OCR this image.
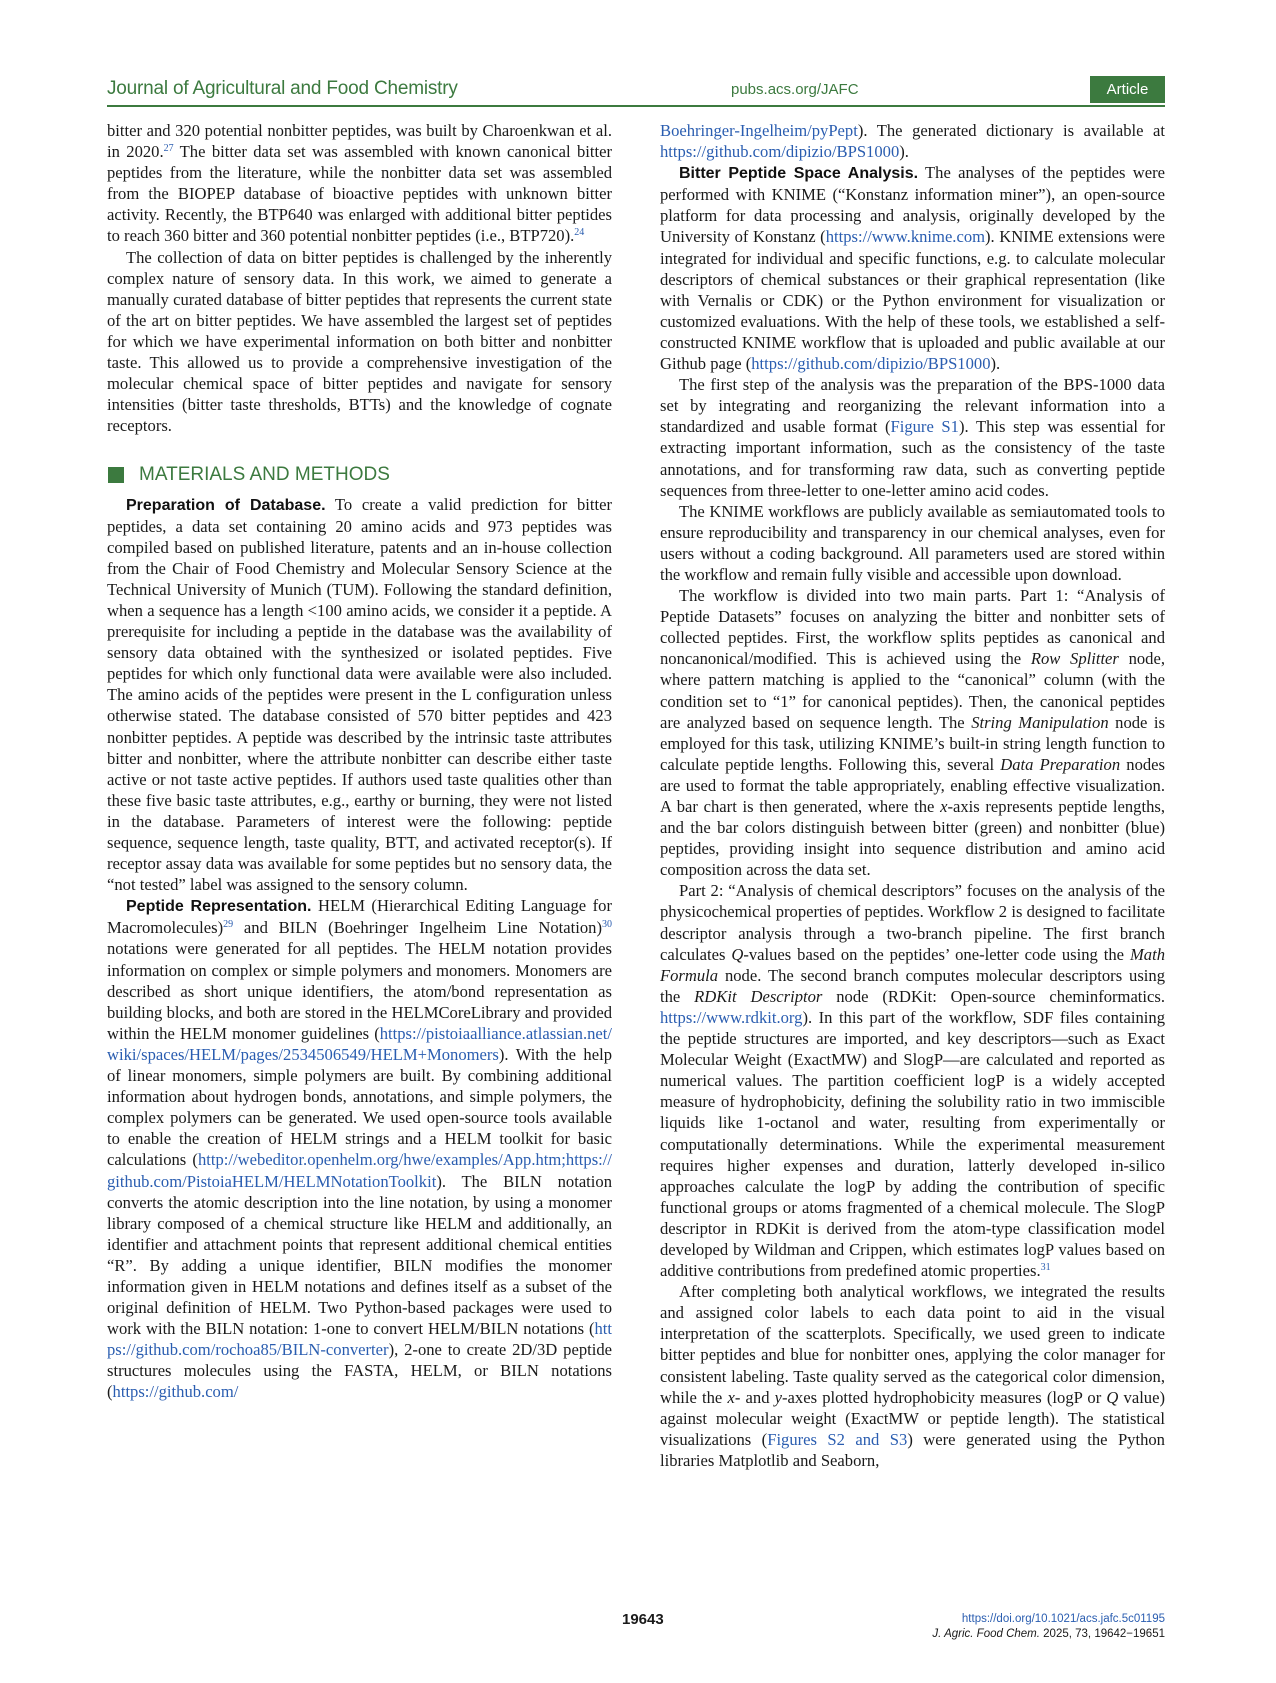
Journal of Agricultural and Food Chemistry	pubs.acs.org/JAFC	Article

bitter and 320 potential nonbitter peptides, was built by Charoenkwan et al. in 2020.27 The bitter data set was assembled with known canonical bitter peptides from the literature, while the nonbitter data set was assembled from the BIOPEP database of bioactive peptides with unknown bitter activity. Recently, the BTP640 was enlarged with additional bitter peptides to reach 360 bitter and 360 potential nonbitter peptides (i.e., BTP720).$^{24}$

The collection of data on bitter peptides is challenged by the inherently complex nature of sensory data. In this work, we aimed to generate a manually curated database of bitter peptides that represents the current state of the art on bitter peptides. We have assembled the largest set of peptides for which we have experimental information on both bitter and nonbitter taste. This allowed us to provide a comprehensive investigation of the molecular chemical space of bitter peptides and navigate for sensory intensities (bitter taste thresholds, BTTs) and the knowledge of cognate receptors.

MATERIALS AND METHODS

Preparation of Database. To create a valid prediction for bitter peptides, a data set containing 20 amino acids and 973 peptides was compiled based on published literature, patents and an in-house collection from the Chair of Food Chemistry and Molecular Sensory Science at the Technical University of Munich (TUM). Following the standard definition, when a sequence has a length <100 amino acids, we consider it a peptide. A prerequisite for including a peptide in the database was the availability of sensory data obtained with the synthesized or isolated peptides. Five peptides for which only functional data were available were also included. The amino acids of the peptides were present in the L configuration unless otherwise stated. The database consisted of 570 bitter peptides and 423 nonbitter peptides. A peptide was described by the intrinsic taste attributes bitter and nonbitter, where the attribute nonbitter can describe either taste active or not taste active peptides. If authors used taste qualities other than these five basic taste attributes, e.g., earthy or burning, they were not listed in the database. Parameters of interest were the following: peptide sequence, sequence length, taste quality, BTT, and activated receptor(s). If receptor assay data was available for some peptides but no sensory data, the “not tested” label was assigned to the sensory column.

Peptide Representation. HELM (Hierarchical Editing Language for Macromolecules)$^{29}$ and BILN (Boehringer Ingelheim Line Notation)$^{30}$ notations were generated for all peptides. The HELM notation provides information on complex or simple polymers and monomers. Monomers are described as short unique identifiers, the atom/bond representation as building blocks, and both are stored in the HELMCoreLibrary and provided within the HELM monomer guidelines (https://pistoiaalliance.atlassian.net/wiki/spaces/HELM/pages/2534506549/HELM+Monomers). With the help of linear monomers, simple polymers are built. By combining additional information about hydrogen bonds, annotations, and simple polymers, the complex polymers can be generated. We used open-source tools available to enable the creation of HELM strings and a HELM toolkit for basic calculations (http://webeditor.openhelm.org/hwe/examples/App.htm;https://github.com/PistoiaHELM/HELMNotationToolkit). The BILN notation converts the atomic description into the line notation, by using a monomer library composed of a chemical structure like HELM and additionally, an identifier and attachment points that represent additional chemical entities “R”. By adding a unique identifier, BILN modifies the monomer information given in HELM notations and defines itself as a subset of the original definition of HELM. Two Python-based packages were used to work with the BILN notation: 1-one to convert HELM/BILN notations (https://github.com/rochoa85/BILN-converter), 2-one to create 2D/3D peptide structures molecules using the FASTA, HELM, or BILN notations (https://github.com/

Boehringer-Ingelheim/pyPept). The generated dictionary is available at https://github.com/dipizio/BPS1000).

Bitter Peptide Space Analysis. The analyses of the peptides were performed with KNIME (“Konstanz information miner”), an open-source platform for data processing and analysis, originally developed by the University of Konstanz (https://www.knime.com). KNIME extensions were integrated for individual and specific functions, e.g. to calculate molecular descriptors of chemical substances or their graphical representation (like with Vernalis or CDK) or the Python environment for visualization or customized evaluations. With the help of these tools, we established a self-constructed KNIME workflow that is uploaded and public available at our Github page (https://github.com/dipizio/BPS1000).

The first step of the analysis was the preparation of the BPS-1000 data set by integrating and reorganizing the relevant information into a standardized and usable format (Figure S1). This step was essential for extracting important information, such as the consistency of the taste annotations, and for transforming raw data, such as converting peptide sequences from three-letter to one-letter amino acid codes.

The KNIME workflows are publicly available as semiautomated tools to ensure reproducibility and transparency in our chemical analyses, even for users without a coding background. All parameters used are stored within the workflow and remain fully visible and accessible upon download.

The workflow is divided into two main parts. Part 1: “Analysis of Peptide Datasets” focuses on analyzing the bitter and nonbitter sets of collected peptides. First, the workflow splits peptides as canonical and noncanonical/modified. This is achieved using the Row Splitter node, where pattern matching is applied to the “canonical” column (with the condition set to “1” for canonical peptides). Then, the canonical peptides are analyzed based on sequence length. The String Manipulation node is employed for this task, utilizing KNIME’s built-in string length function to calculate peptide lengths. Following this, several Data Preparation nodes are used to format the table appropriately, enabling effective visualization. A bar chart is then generated, where the x-axis represents peptide lengths, and the bar colors distinguish between bitter (green) and nonbitter (blue) peptides, providing insight into sequence distribution and amino acid composition across the data set.

Part 2: “Analysis of chemical descriptors” focuses on the analysis of the physicochemical properties of peptides. Workflow 2 is designed to facilitate descriptor analysis through a two-branch pipeline. The first branch calculates Q-values based on the peptides’ one-letter code using the Math Formula node. The second branch computes molecular descriptors using the RDKit Descriptor node (RDKit: Open-source cheminformatics. https://www.rdkit.org). In this part of the workflow, SDF files containing the peptide structures are imported, and key descriptors—such as Exact Molecular Weight (ExactMW) and SlogP—are calculated and reported as numerical values. The partition coefficient logP is a widely accepted measure of hydrophobicity, defining the solubility ratio in two immiscible liquids like 1-octanol and water, resulting from experimentally or computationally determinations. While the experimental measurement requires higher expenses and duration, latterly developed in-silico approaches calculate the logP by adding the contribution of specific functional groups or atoms fragmented of a chemical molecule. The SlogP descriptor in RDKit is derived from the atom-type classification model developed by Wildman and Crippen, which estimates logP values based on additive contributions from predefined atomic properties.$^{31}$

After completing both analytical workflows, we integrated the results and assigned color labels to each data point to aid in the visual interpretation of the scatterplots. Specifically, we used green to indicate bitter peptides and blue for nonbitter ones, applying the color manager for consistent labeling. Taste quality served as the categorical color dimension, while the x- and y-axes plotted hydrophobicity measures (logP or Q value) against molecular weight (ExactMW or peptide length). The statistical visualizations (Figures S2 and S3) were generated using the Python libraries Matplotlib and Seaborn,

19643	https://doi.org/10.1021/acs.jafc.5c01195
J. Agric. Food Chem. 2025, 73, 19642−19651
